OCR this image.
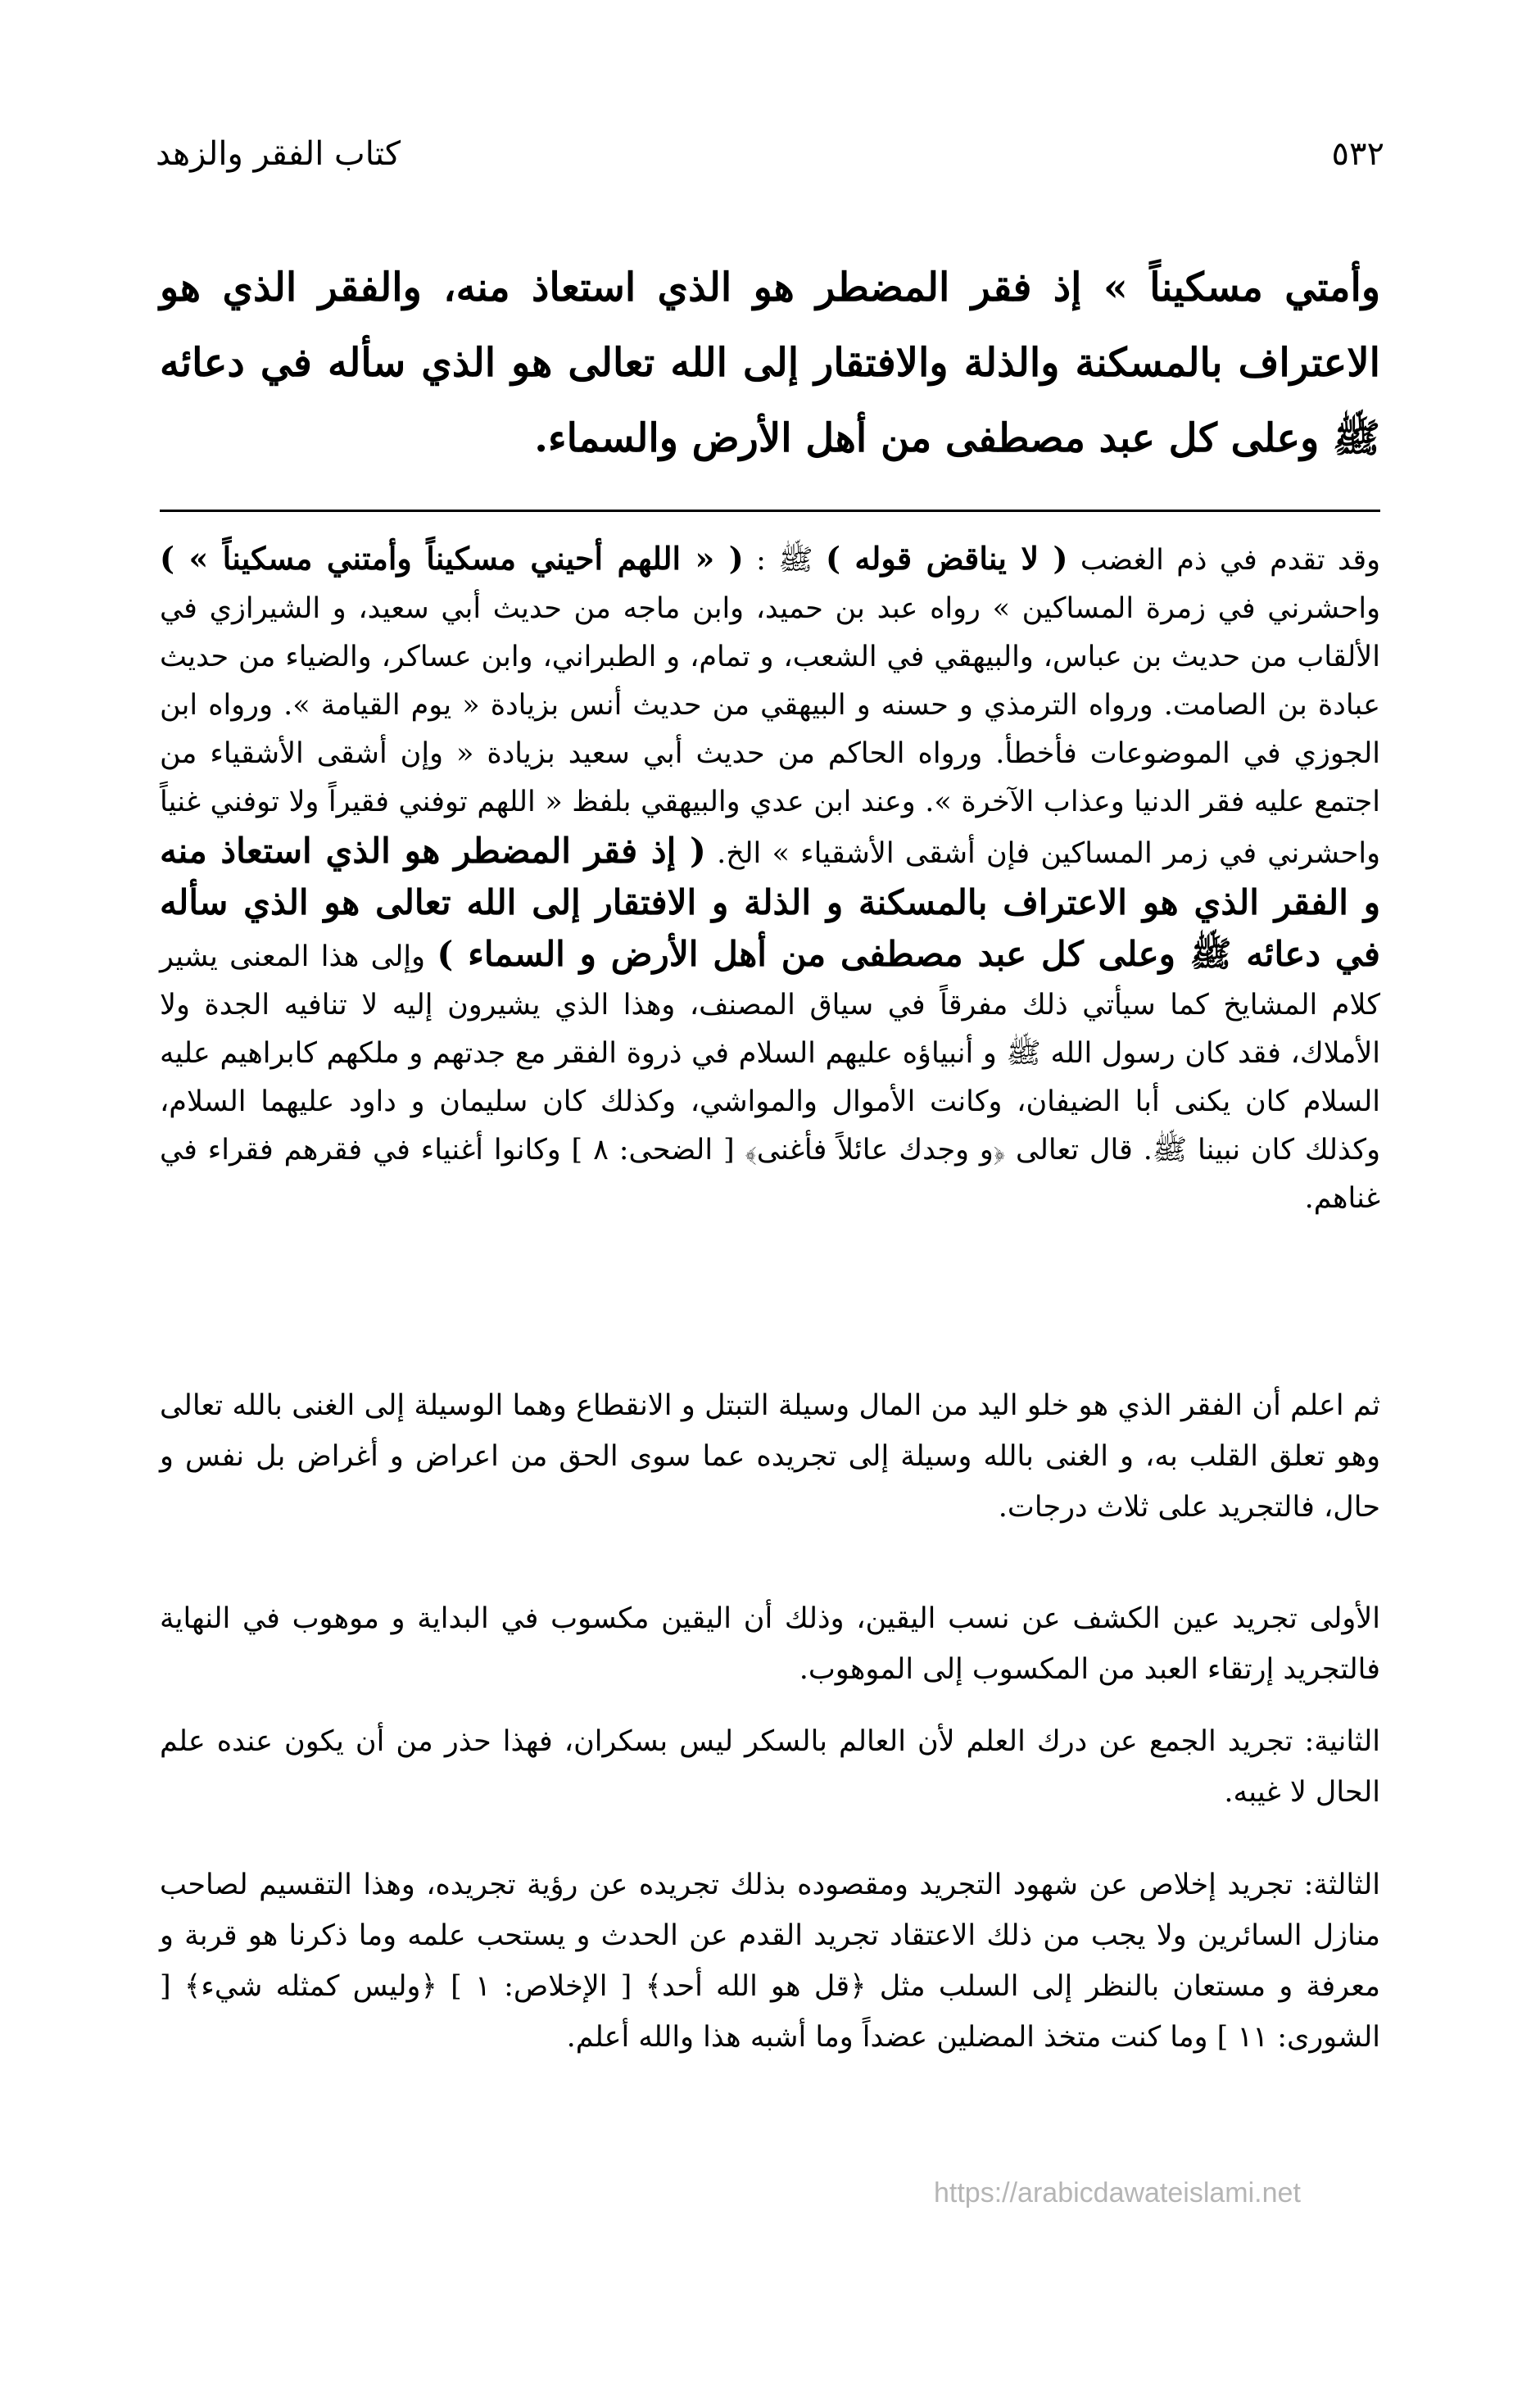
كتاب الفقر والزهد	٥٣٢
وأمتي مسكيناً » إذ فقر المضطر هو الذي استعاذ منه، والفقر الذي هو الاعتراف بالمسكنة والذلة والافتقار إلى الله تعالى هو الذي سأله في دعائه ﷺ وعلى كل عبد مصطفى من أهل الأرض والسماء.
وقد تقدم في ذم الغضب ( لا يناقض قوله ) ﷺ : ( « اللهم أحيني مسكيناً وأمتني مسكيناً » ) واحشرني في زمرة المساكين » رواه عبد بن حميد، وابن ماجه من حديث أبي سعيد، و الشيرازي في الألقاب من حديث بن عباس، والبيهقي في الشعب، و تمام، و الطبراني، وابن عساكر، والضياء من حديث عبادة بن الصامت. ورواه الترمذي و حسنه و البيهقي من حديث أنس بزيادة « يوم القيامة ». ورواه ابن الجوزي في الموضوعات فأخطأ. ورواه الحاكم من حديث أبي سعيد بزيادة « وإن أشقى الأشقياء من اجتمع عليه فقر الدنيا وعذاب الآخرة ». وعند ابن عدي والبيهقي بلفظ « اللهم توفني فقيراً ولا توفني غنياً واحشرني في زمر المساكين فإن أشقى الأشقياء » الخ. ( إذ فقر المضطر هو الذي استعاذ منه و الفقر الذي هو الاعتراف بالمسكنة و الذلة و الافتقار إلى الله تعالى هو الذي سأله في دعائه ﷺ وعلى كل عبد مصطفى من أهل الأرض و السماء ) وإلى هذا المعنى يشير كلام المشايخ كما سيأتي ذلك مفرقاً في سياق المصنف، وهذا الذي يشيرون إليه لا تنافيه الجدة ولا الأملاك، فقد كان رسول الله ﷺ و أنبياؤه عليهم السلام في ذروة الفقر مع جدتهم و ملكهم كابراهيم عليه السلام كان يكنى أبا الضيفان، وكانت الأموال والمواشي، وكذلك كان سليمان و داود عليهما السلام، وكذلك كان نبينا ﷺ. قال تعالى ﴿و وجدك عائلاً فأغنى﴾ [ الضحى: ٨ ] وكانوا أغنياء في فقرهم فقراء في غناهم.

ثم اعلم أن الفقر الذي هو خلو اليد من المال وسيلة التبتل و الانقطاع وهما الوسيلة إلى الغنى بالله تعالى وهو تعلق القلب به، و الغنى بالله وسيلة إلى تجريده عما سوى الحق من اعراض و أغراض بل نفس و حال، فالتجريد على ثلاث درجات.

الأولى تجريد عين الكشف عن نسب اليقين، وذلك أن اليقين مكسوب في البداية و موهوب في النهاية فالتجريد إرتقاء العبد من المكسوب إلى الموهوب.

الثانية: تجريد الجمع عن درك العلم لأن العالم بالسكر ليس بسكران، فهذا حذر من أن يكون عنده علم الحال لا غيبه.

الثالثة: تجريد إخلاص عن شهود التجريد ومقصوده بذلك تجريده عن رؤية تجريده، وهذا التقسيم لصاحب منازل السائرين ولا يجب من ذلك الاعتقاد تجريد القدم عن الحدث و يستحب علمه وما ذكرنا هو قربة و معرفة و مستعان بالنظر إلى السلب مثل ﴿قل هو الله أحد﴾ [ الإخلاص: ١ ] ﴿وليس كمثله شيء﴾ [ الشورى: ١١ ] وما كنت متخذ المضلين عضداً وما أشبه هذا والله أعلم.

https://arabicdawateislami.net
